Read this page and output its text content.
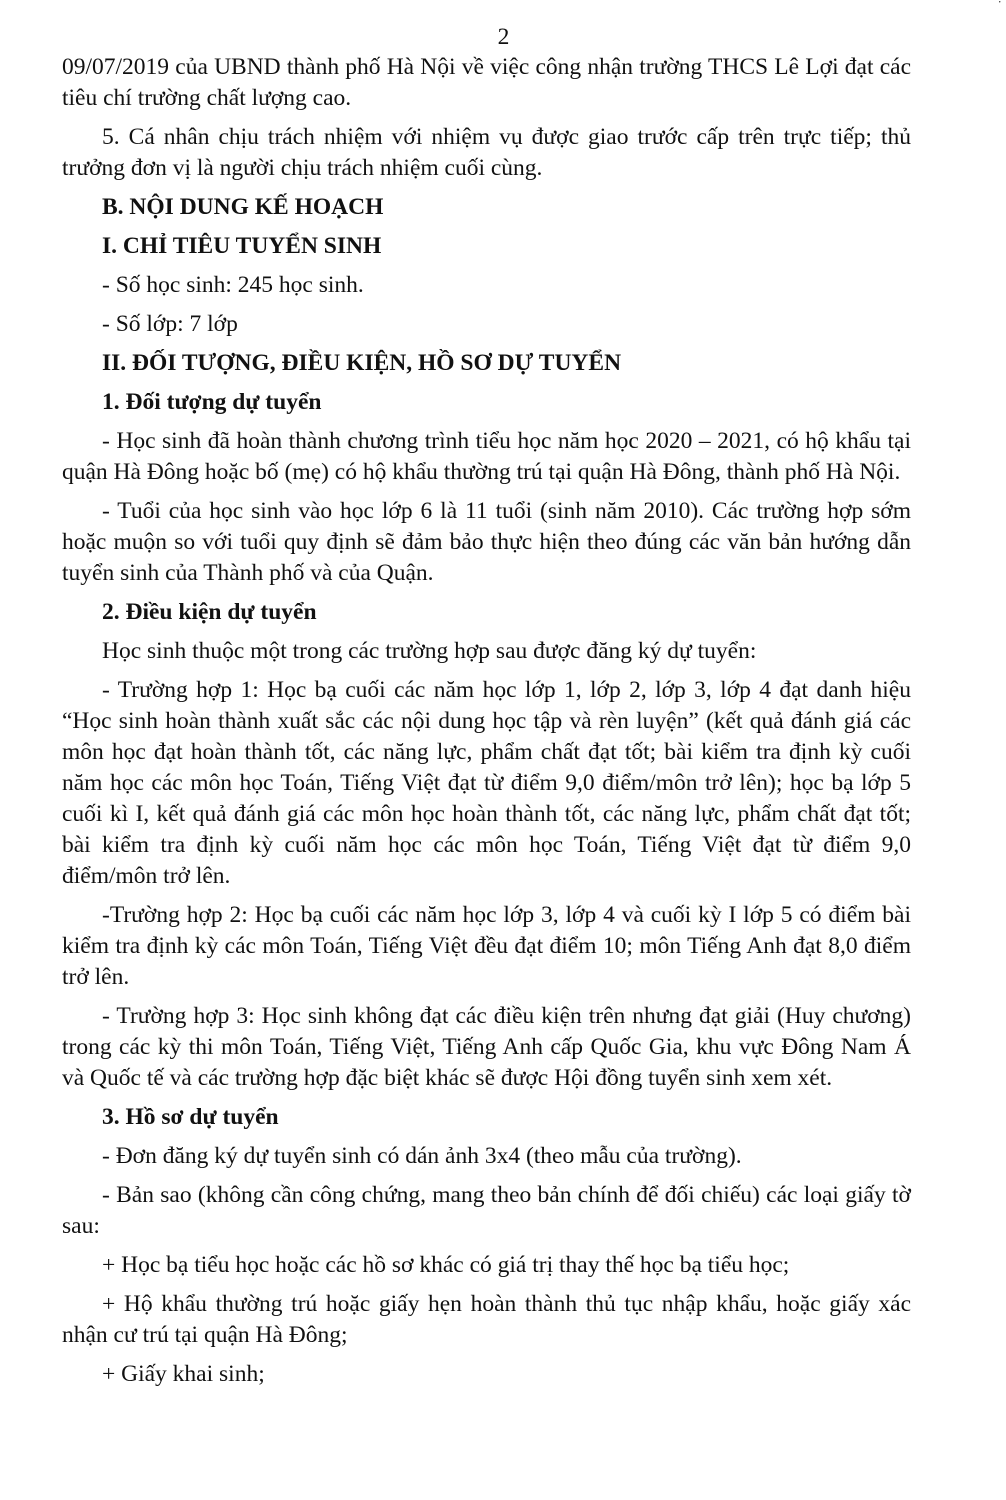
˙
2

09/07/2019 của UBND thành phố Hà Nội về việc công nhận trường THCS Lê Lợi đạt các tiêu chí trường chất lượng cao.

5. Cá nhân chịu trách nhiệm với nhiệm vụ được giao trước cấp trên trực tiếp; thủ trưởng đơn vị là người chịu trách nhiệm cuối cùng.

B. NỘI DUNG KẾ HOẠCH
I. CHỈ TIÊU TUYỂN SINH

- Số học sinh: 245 học sinh.

- Số lớp: 7 lớp

II. ĐỐI TƯỢNG, ĐIỀU KIỆN, HỒ SƠ DỰ TUYỂN
1. Đối tượng dự tuyển

- Học sinh đã hoàn thành chương trình tiểu học năm học 2020 – 2021, có hộ khẩu tại quận Hà Đông hoặc bố (mẹ) có hộ khẩu thường trú tại quận Hà Đông, thành phố Hà Nội.

- Tuổi của học sinh vào học lớp 6 là 11 tuổi (sinh năm 2010). Các trường hợp sớm hoặc muộn so với tuổi quy định sẽ đảm bảo thực hiện theo đúng các văn bản hướng dẫn tuyển sinh của Thành phố và của Quận.

2. Điều kiện dự tuyển

Học sinh thuộc một trong các trường hợp sau được đăng ký dự tuyển:

- Trường hợp 1: Học bạ cuối các năm học lớp 1, lớp 2, lớp 3, lớp 4 đạt danh hiệu “Học sinh hoàn thành xuất sắc các nội dung học tập và rèn luyện” (kết quả đánh giá các môn học đạt hoàn thành tốt, các năng lực, phẩm chất đạt tốt; bài kiểm tra định kỳ cuối năm học các môn học Toán, Tiếng Việt đạt từ điểm 9,0 điểm/môn trở lên); học bạ lớp 5 cuối kì I, kết quả đánh giá các môn học hoàn thành tốt, các năng lực, phẩm chất đạt tốt; bài kiểm tra định kỳ cuối năm học các môn học Toán, Tiếng Việt đạt từ điểm 9,0 điểm/môn trở lên.

-Trường hợp 2: Học bạ cuối các năm học lớp 3, lớp 4 và cuối kỳ I lớp 5 có điểm bài kiểm tra định kỳ các môn Toán, Tiếng Việt đều đạt điểm 10; môn Tiếng Anh đạt 8,0 điểm trở lên.

- Trường hợp 3: Học sinh không đạt các điều kiện trên nhưng đạt giải (Huy chương) trong các kỳ thi môn Toán, Tiếng Việt, Tiếng Anh cấp Quốc Gia, khu vực Đông Nam Á và Quốc tế và các trường hợp đặc biệt khác sẽ được Hội đồng tuyển sinh xem xét.

3. Hồ sơ dự tuyển

- Đơn đăng ký dự tuyển sinh có dán ảnh 3x4 (theo mẫu của trường).

- Bản sao (không cần công chứng, mang theo bản chính để đối chiếu) các loại giấy tờ sau:

+ Học bạ tiểu học hoặc các hồ sơ khác có giá trị thay thế học bạ tiểu học;

+ Hộ khẩu thường trú hoặc giấy hẹn hoàn thành thủ tục nhập khẩu, hoặc giấy xác nhận cư trú tại quận Hà Đông;

+ Giấy khai sinh;
